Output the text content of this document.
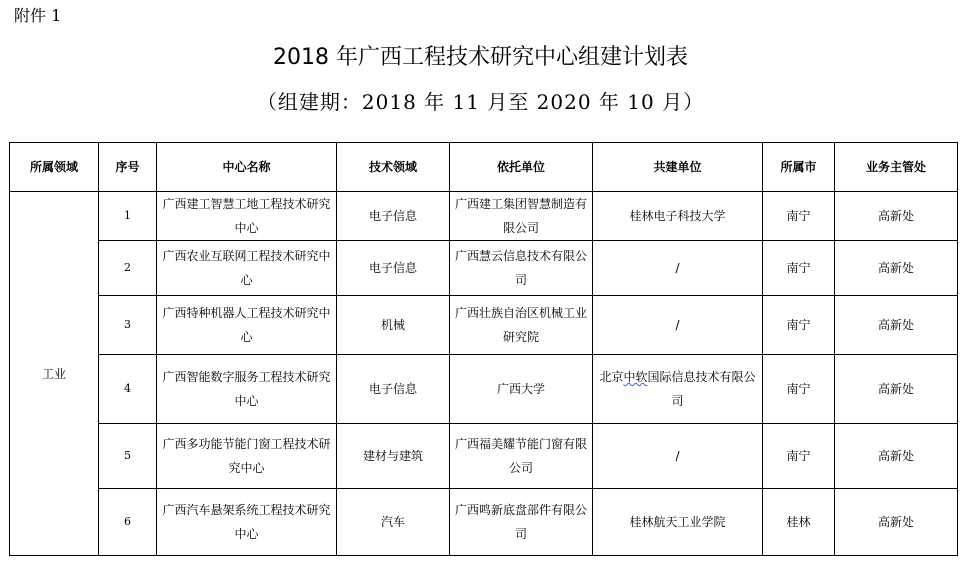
附件 1
2018 年广西工程技术研究中心组建计划表
（组建期：2018 年 11 月至 2020 年 10 月）
所属领域	序号	中心名称	技术领域	依托单位	共建单位	所属市	业务主管处
工业	1	广西建工智慧工地工程技术研究中心	电子信息	广西建工集团智慧制造有限公司	桂林电子科技大学	南宁	高新处
	2	广西农业互联网工程技术研究中心	电子信息	广西慧云信息技术有限公司	/	南宁	高新处
	3	广西特种机器人工程技术研究中心	机械	广西壮族自治区机械工业研究院	/	南宁	高新处
	4	广西智能数字服务工程技术研究中心	电子信息	广西大学	北京中软国际信息技术有限公司	南宁	高新处
	5	广西多功能节能门窗工程技术研究中心	建材与建筑	广西福美耀节能门窗有限公司	/	南宁	高新处
	6	广西汽车悬架系统工程技术研究中心	汽车	广西鸣新底盘部件有限公司	桂林航天工业学院	桂林	高新处
